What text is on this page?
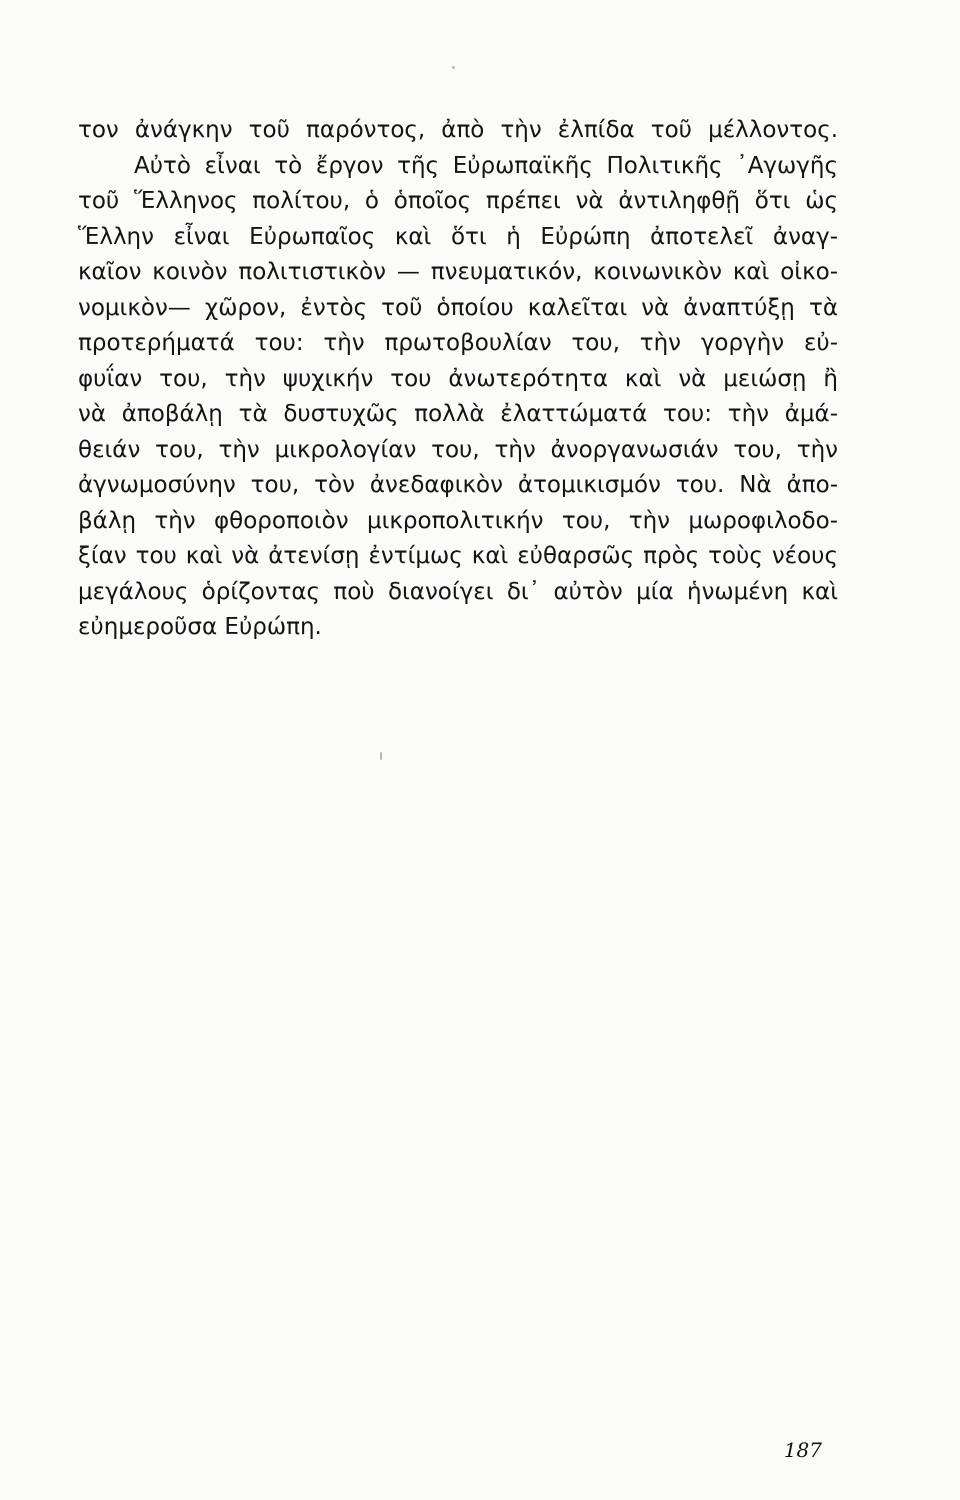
τον ἀνάγκην τοῦ παρόντος, ἀπὸ τὴν ἐλπίδα τοῦ μέλλοντος.
Αὐτὸ εἶναι τὸ ἔργον τῆς Εὐρωπαϊκῆς Πολιτικῆς ᾿Αγωγῆς
τοῦ Ἕλληνος πολίτου, ὁ ὁποῖος πρέπει νὰ ἀντιληφθῇ ὅτι ὡς
Ἕλλην εἶναι Εὐρωπαῖος καὶ ὅτι ἡ Εὐρώπη ἀποτελεῖ ἀναγ-
καῖον κοινὸν πολιτιστικὸν — πνευματικόν, κοινωνικὸν καὶ οἰκο-
νομικὸν— χῶρον, ἐντὸς τοῦ ὁποίου καλεῖται νὰ ἀναπτύξῃ τὰ
προτερήματά του: τὴν πρωτοβουλίαν του, τὴν γοργὴν εὐ-
φυΐαν του, τὴν ψυχικήν του ἀνωτερότητα καὶ νὰ μειώσῃ ἢ
νὰ ἀποβάλῃ τὰ δυστυχῶς πολλὰ ἐλαττώματά του: τὴν ἀμά-
θειάν του, τὴν μικρολογίαν του, τὴν ἀνοργανωσιάν του, τὴν
ἀγνωμοσύνην του, τὸν ἀνεδαφικὸν ἀτομικισμόν του. Νὰ ἀπο-
βάλῃ τὴν φθοροποιὸν μικροπολιτικήν του, τὴν μωροφιλοδο-
ξίαν του καὶ νὰ ἀτενίσῃ ἐντίμως καὶ εὐθαρσῶς πρὸς τοὺς νέους
μεγάλους ὁρίζοντας ποὺ διανοίγει δι᾿ αὐτὸν μία ἡνωμένη καὶ
εὐημεροῦσα Εὐρώπη.
187
